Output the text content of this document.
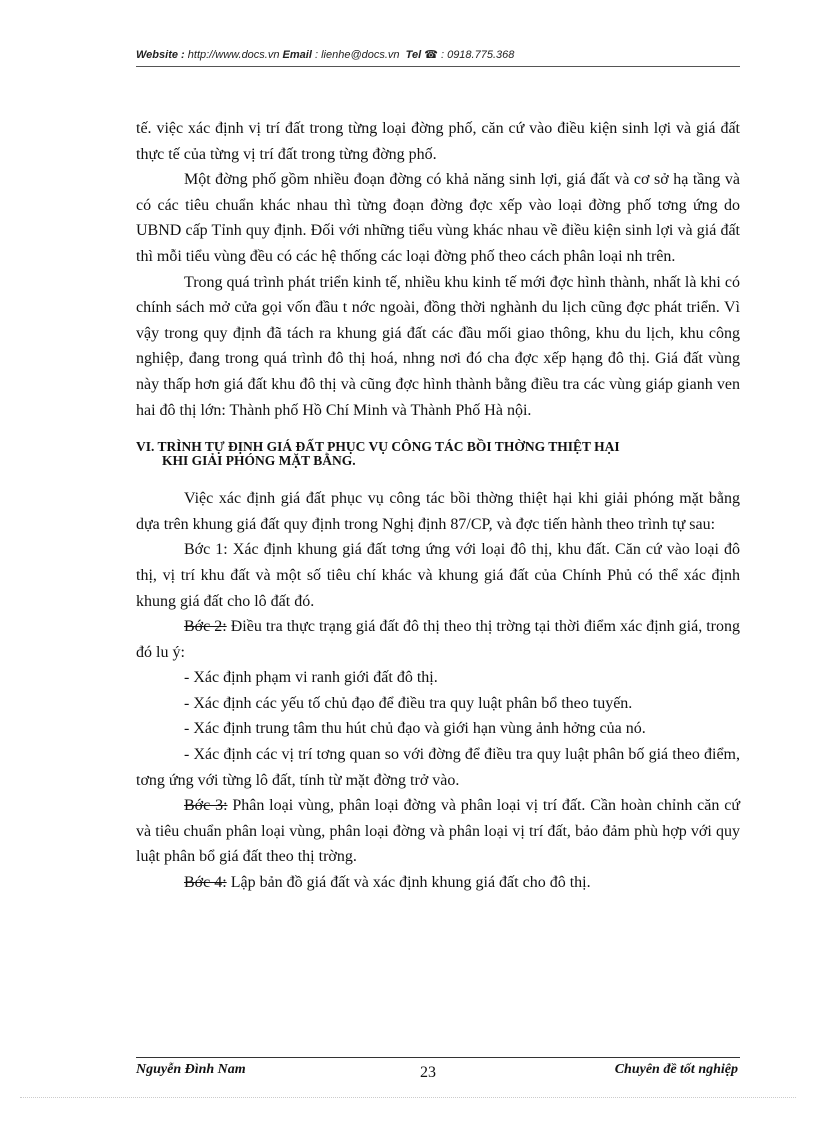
Website : http://www.docs.vn Email : lienhe@docs.vn Tel ☎ : 0918.775.368

tế. việc xác định vị trí đất trong từng loại đờng phố, căn cứ vào điều kiện sinh lợi và giá đất thực tế của từng vị trí đất trong từng đờng phố.

Một đờng phố gồm nhiều đoạn đờng có khả năng sinh lợi, giá đất và cơ sở hạ tầng và có các tiêu chuẩn khác nhau thì từng đoạn đờng đợc xếp vào loại đờng phố tơng ứng do UBND cấp Tỉnh quy định. Đối với những tiểu vùng khác nhau về điều kiện sinh lợi và giá đất thì mỗi tiểu vùng đều có các hệ thống các loại đờng phố theo cách phân loại nh trên.

Trong quá trình phát triển kinh tế, nhiều khu kinh tế mới đợc hình thành, nhất là khi có chính sách mở cửa gọi vốn đầu t nớc ngoài, đồng thời nghành du lịch cũng đợc phát triển. Vì vậy trong quy định đã tách ra khung giá đất các đầu mối giao thông, khu du lịch, khu công nghiệp, đang trong quá trình đô thị hoá, nhng nơi đó cha đợc xếp hạng đô thị. Giá đất vùng này thấp hơn giá đất khu đô thị và cũng đợc hình thành bằng điều tra các vùng giáp gianh ven hai đô thị lớn: Thành phố Hồ Chí Minh và Thành Phố Hà nội.

VI. TRÌNH TỰ ĐỊNH GIÁ ĐẤT PHỤC VỤ CÔNG TÁC BỒI THỜNG THIỆT HẠI
KHI GIẢI PHÓNG MẶT BẰNG.

Việc xác định giá đất phục vụ công tác bồi thờng thiệt hại khi giải phóng mặt bằng dựa trên khung giá đất quy định trong Nghị định 87/CP, và đợc tiến hành theo trình tự sau:

Bớc 1: Xác định khung giá đất tơng ứng với loại đô thị, khu đất. Căn cứ vào loại đô thị, vị trí khu đất và một số tiêu chí khác và khung giá đất của Chính Phủ có thể xác định khung giá đất cho lô đất đó.

Bớc 2: Điều tra thực trạng giá đất đô thị theo thị trờng tại thời điểm xác định giá, trong đó lu ý:

- Xác định phạm vi ranh giới đất đô thị.

- Xác định các yếu tố chủ đạo để điều tra quy luật phân bổ theo tuyến.

- Xác định trung tâm thu hút chủ đạo và giới hạn vùng ảnh hởng của nó.

- Xác định các vị trí tơng quan so với đờng để điều tra quy luật phân bố giá theo điểm, tơng ứng với từng lô đất, tính từ mặt đờng trở vào.

Bớc 3: Phân loại vùng, phân loại đờng và phân loại vị trí đất. Cần hoàn chỉnh căn cứ và tiêu chuẩn phân loại vùng, phân loại đờng và phân loại vị trí đất, bảo đảm phù hợp với quy luật phân bổ giá đất theo thị trờng.

Bớc 4: Lập bản đồ giá đất và xác định khung giá đất cho đô thị.

Nguyễn Đình Nam	23	Chuyên đề tốt nghiệp
